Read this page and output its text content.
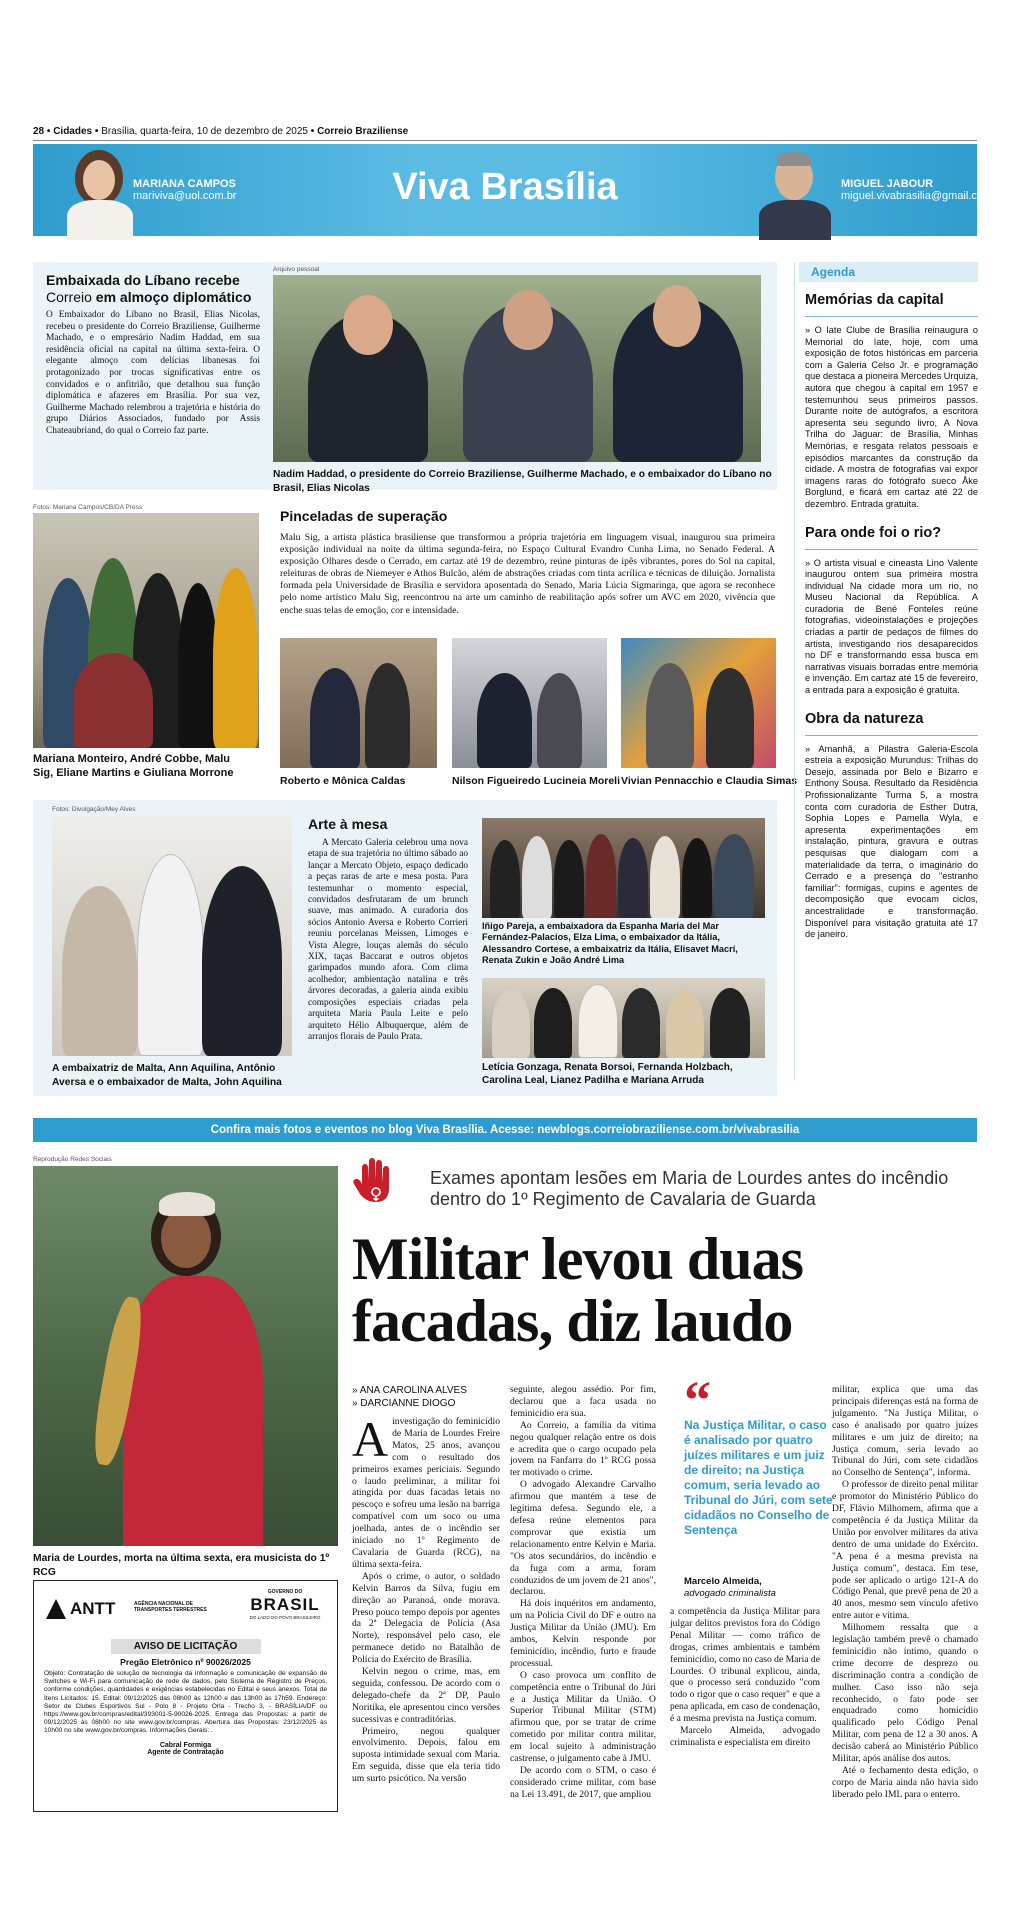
28 • Cidades • Brasília, quarta-feira, 10 de dezembro de 2025 • Correio Braziliense
MARIANA CAMPOS
mariviva@uol.com.br	Viva Brasília	MIGUEL JABOUR
miguel.vivabrasilia@gmail.com
Embaixada do Líbano recebe
Correio em almoço diplomático
O Embaixador do Líbano no Brasil, Elias Nicolas, recebeu o presidente do Correio Braziliense, Guilherme Machado, e o empresário Nadim Haddad, em sua residência oficial na capital na última sexta-feira. O elegante almoço com delícias libanesas foi protagonizado por trocas significativas entre os convidados e o anfitrião, que detalhou sua função diplomática e afazeres em Brasília. Por sua vez, Guilherme Machado relembrou a trajetória e história do grupo Diários Associados, fundado por Assis Chateaubriand, do qual o Correio faz parte.
Arquivo pessoal
Nadim Haddad, o presidente do Correio Braziliense, Guilherme Machado, e o embaixador do Líbano no Brasil, Elias Nicolas
Fotos: Mariana Campos/CB/DA Press
Mariana Monteiro, André Cobbe, Malu Sig, Eliane Martins e Giuliana Morrone
Pinceladas de superação
Malu Sig, a artista plástica brasiliense que transformou a própria trajetória em linguagem visual, inaugurou sua primeira exposição individual na noite da última segunda-feira, no Espaço Cultural Evandro Cunha Lima, no Senado Federal. A exposição Olhares desde o Cerrado, em cartaz até 19 de dezembro, reúne pinturas de ipês vibrantes, pores do Sol na capital, releituras de obras de Niemeyer e Athos Bulcão, além de abstrações criadas com tinta acrílica e técnicas de diluição. Jornalista formada pela Universidade de Brasília e servidora aposentada do Senado, Maria Lúcia Sigmaringa, que agora se reconhece pelo nome artístico Malu Sig, reencontrou na arte um caminho de reabilitação após sofrer um AVC em 2020, vivência que enche suas telas de emoção, cor e intensidade.
Roberto e Mônica Caldas	Nilson Figueiredo Lucineia Moreli Vivian Pennacchio e Claudia Simas
Fotos: Divulgação/Mey Alves
A embaixatriz de Malta, Ann Aquilina, Antônio Aversa e o embaixador de Malta, John Aquilina
Arte à mesa
A Mercato Galeria celebrou uma nova etapa de sua trajetória no último sábado ao lançar a Mercato Objeto, espaço dedicado a peças raras de arte e mesa posta. Para testemunhar o momento especial, convidados desfrutaram de um brunch suave, mas animado. A curadoria dos sócios Antonio Aversa e Roberto Corrieri reuniu porcelanas Meissen, Limoges e Vista Alegre, louças alemãs do século XIX, taças Baccarat e outros objetos garimpados mundo afora. Com clima acolhedor, ambientação natalina e três árvores decoradas, a galeria ainda exibiu composições especiais criadas pela arquiteta Maria Paula Leite e pelo arquiteto Hélio Albuquerque, além de arranjos florais de Paulo Prata.
Iñigo Pareja, a embaixadora da Espanha Maria del Mar Fernández-Palacios, Elza Lima, o embaixador da Itália, Alessandro Cortese, a embaixatriz da Itália, Elisavet Macrí, Renata Zukin e João André Lima
Letícia Gonzaga, Renata Borsoi, Fernanda Holzbach, Carolina Leal, Lianez Padilha e Mariana Arruda
Agenda
Memórias da capital
» O Iate Clube de Brasília reinaugura o Memorial do Iate, hoje, com uma exposição de fotos históricas em parceria com a Galeria Celso Jr. e programação que destaca a pioneira Mercedes Urquiza, autora que chegou à capital em 1957 e testemunhou seus primeiros passos. Durante noite de autógrafos, a escritora apresenta seu segundo livro, A Nova Trilha do Jaguar: de Brasília, Minhas Memórias, e resgata relatos pessoais e episódios marcantes da construção da cidade. A mostra de fotografias vai expor imagens raras do fotógrafo sueco Åke Borglund, e ficará em cartaz até 22 de dezembro. Entrada gratuita.
Para onde foi o rio?
» O artista visual e cineasta Lino Valente inaugurou ontem sua primeira mostra individual Na cidade mora um rio, no Museu Nacional da República. A curadoria de Bené Fonteles reúne fotografias, videoinstalações e projeções criadas a partir de pedaços de filmes do artista, investigando rios desaparecidos no DF e transformando essa busca em narrativas visuais borradas entre memória e invenção. Em cartaz até 15 de fevereiro, a entrada para a exposição é gratuita.
Obra da natureza
» Amanhã, a Pilastra Galeria-Escola estreia a exposição Murundus: Trilhas do Desejo, assinada por Belo e Bizarro e Enthony Sousa. Resultado da Residência Profissionalizante Turma 5, a mostra conta com curadoria de Esther Dutra, Sophia Lopes e Pamella Wyla, e apresenta experimentações em instalação, pintura, gravura e outras pesquisas que dialogam com a materialidade da terra, o imaginário do Cerrado e a presença do "estranho familiar": formigas, cupins e agentes de decomposição que evocam ciclos, ancestralidade e transformação. Disponível para visitação gratuita até 17 de janeiro.
Confira mais fotos e eventos no blog Viva Brasília. Acesse: newblogs.correiobraziliense.com.br/vivabrasilia
Reprodução Redes Sociais
Maria de Lourdes, morta na última sexta, era musicista do 1º RCG
Exames apontam lesões em Maria de Lourdes antes do incêndio dentro do 1º Regimento de Cavalaria de Guarda
Militar levou duas
facadas, diz laudo
» ANA CAROLINA ALVES
» DARCIANNE DIOGO
A investigação do feminicídio de Maria de Lourdes Freire Matos, 25 anos, avançou com o resultado dos primeiros exames periciais. Segundo o laudo preliminar, a militar foi atingida por duas facadas letais no pescoço e sofreu uma lesão na barriga compatível com um soco ou uma joelhada, antes de o incêndio ser iniciado no 1º Regimento de Cavalaria de Guarda (RCG), na última sexta-feira.

Após o crime, o autor, o soldado Kelvin Barros da Silva, fugiu em direção ao Paranoá, onde morava. Preso pouco tempo depois por agentes da 2ª Delegacia de Polícia (Asa Norte), responsável pelo caso, ele permanece detido no Batalhão de Polícia do Exército de Brasília.

Kelvin negou o crime, mas, em seguida, confessou. De acordo com o delegado-chefe da 2ª DP, Paulo Noritika, ele apresentou cinco versões sucessivas e contraditórias.

Primeiro, negou qualquer envolvimento. Depois, falou em suposta intimidade sexual com Maria. Em seguida, disse que ela teria tido um surto psicótico. Na versão

seguinte, alegou assédio. Por fim, declarou que a faca usada no feminicídio era sua.

Ao Correio, a família da vítima negou qualquer relação entre os dois e acredita que o cargo ocupado pela jovem na Fanfarra do 1º RCG possa ter motivado o crime.

O advogado Alexandre Carvalho afirmou que mantém a tese de legítima defesa. Segundo ele, a defesa reúne elementos para comprovar que existia um relacionamento entre Kelvin e Maria. "Os atos secundários, do incêndio e da fuga com a arma, foram conduzidos de um jovem de 21 anos", declarou.

Há dois inquéritos em andamento, um na Polícia Civil do DF e outro na Justiça Militar da União (JMU). Em ambos, Kelvin responde por feminicídio, incêndio, furto e fraude processual.

O caso provoca um conflito de competência entre o Tribunal do Júri e a Justiça Militar da União. O Superior Tribunal Militar (STM) afirmou que, por se tratar de crime cometido por militar contra militar, em local sujeito à administração castrense, o julgamento cabe à JMU.

De acordo com o STM, o caso é considerado crime militar, com base na Lei 13.491, de 2017, que ampliou

“
Na Justiça Militar, o caso é analisado por quatro juízes militares e um juiz de direito; na Justiça comum, seria levado ao Tribunal do Júri, com sete cidadãos no Conselho de Sentença
Marcelo Almeida,
advogado criminalista

a competência da Justiça Militar para julgar delitos previstos fora do Código Penal Militar — como tráfico de drogas, crimes ambientais e também feminicídio, como no caso de Maria de Lourdes. O tribunal explicou, ainda, que o processo será conduzido "com todo o rigor que o caso requer" e que a pena aplicada, em caso de condenação, é a mesma prevista na Justiça comum.

Marcelo Almeida, advogado criminalista e especialista em direito

militar, explica que uma das principais diferenças está na forma de julgamento. "Na Justiça Militar, o caso é analisado por quatro juízes militares e um juiz de direito; na Justiça comum, seria levado ao Tribunal do Júri, com sete cidadãos no Conselho de Sentença", informa.

O professor de direito penal militar e promotor do Ministério Público do DF, Flávio Milhomem, afirma que a competência é da Justiça Militar da União por envolver militares da ativa dentro de uma unidade do Exército. "A pena é a mesma prevista na Justiça comum", destaca. Em tese, pode ser aplicado o artigo 121-A do Código Penal, que prevê pena de 20 a 40 anos, mesmo sem vínculo afetivo entre autor e vítima.

Milhomem ressalta que a legislação também prevê o chamado feminicídio não íntimo, quando o crime decorre de desprezo ou discriminação contra a condição de mulher. Caso isso não seja reconhecido, o fato pode ser enquadrado como homicídio qualificado pelo Código Penal Militar, com pena de 12 a 30 anos. A decisão caberá ao Ministério Público Militar, após análise dos autos.

Até o fechamento desta edição, o corpo de Maria ainda não havia sido liberado pelo IML para o enterro.

ANTT	AGÊNCIA NACIONAL DE TRANSPORTES TERRESTRES
GOVERNO DO
BRASIL
DO LADO DO POVO BRASILEIRO
AVISO DE LICITAÇÃO
Pregão Eletrônico nº 90026/2025
Objeto: Contratação de solução de tecnologia da informação e comunicação de expansão de Switches e Wi-Fi para comunicação de rede de dados, pelo Sistema de Registro de Preços, conforme condições, quantidades e exigências estabelecidas no Edital e seus anexos. Total de Itens Licitados: 15. Edital: 09/12/2025 das 08h00 às 12h00 e das 13h00 às 17h59. Endereço: Setor de Clubes Esportivos Sul - Polo 8 - Projeto Orla - Trecho 3, - BRASÍLIA/DF ou https://www.gov.br/compras/edital/393001-5-90026-2025. Entrega das Propostas: a partir de 09/12/2025 às 08h00 no site www.gov.br/compras. Abertura das Propostas: 23/12/2025 às 10h00 no site www.gov.br/compras. Informações Gerais: .
Cabral Formiga
Agente de Contratação
